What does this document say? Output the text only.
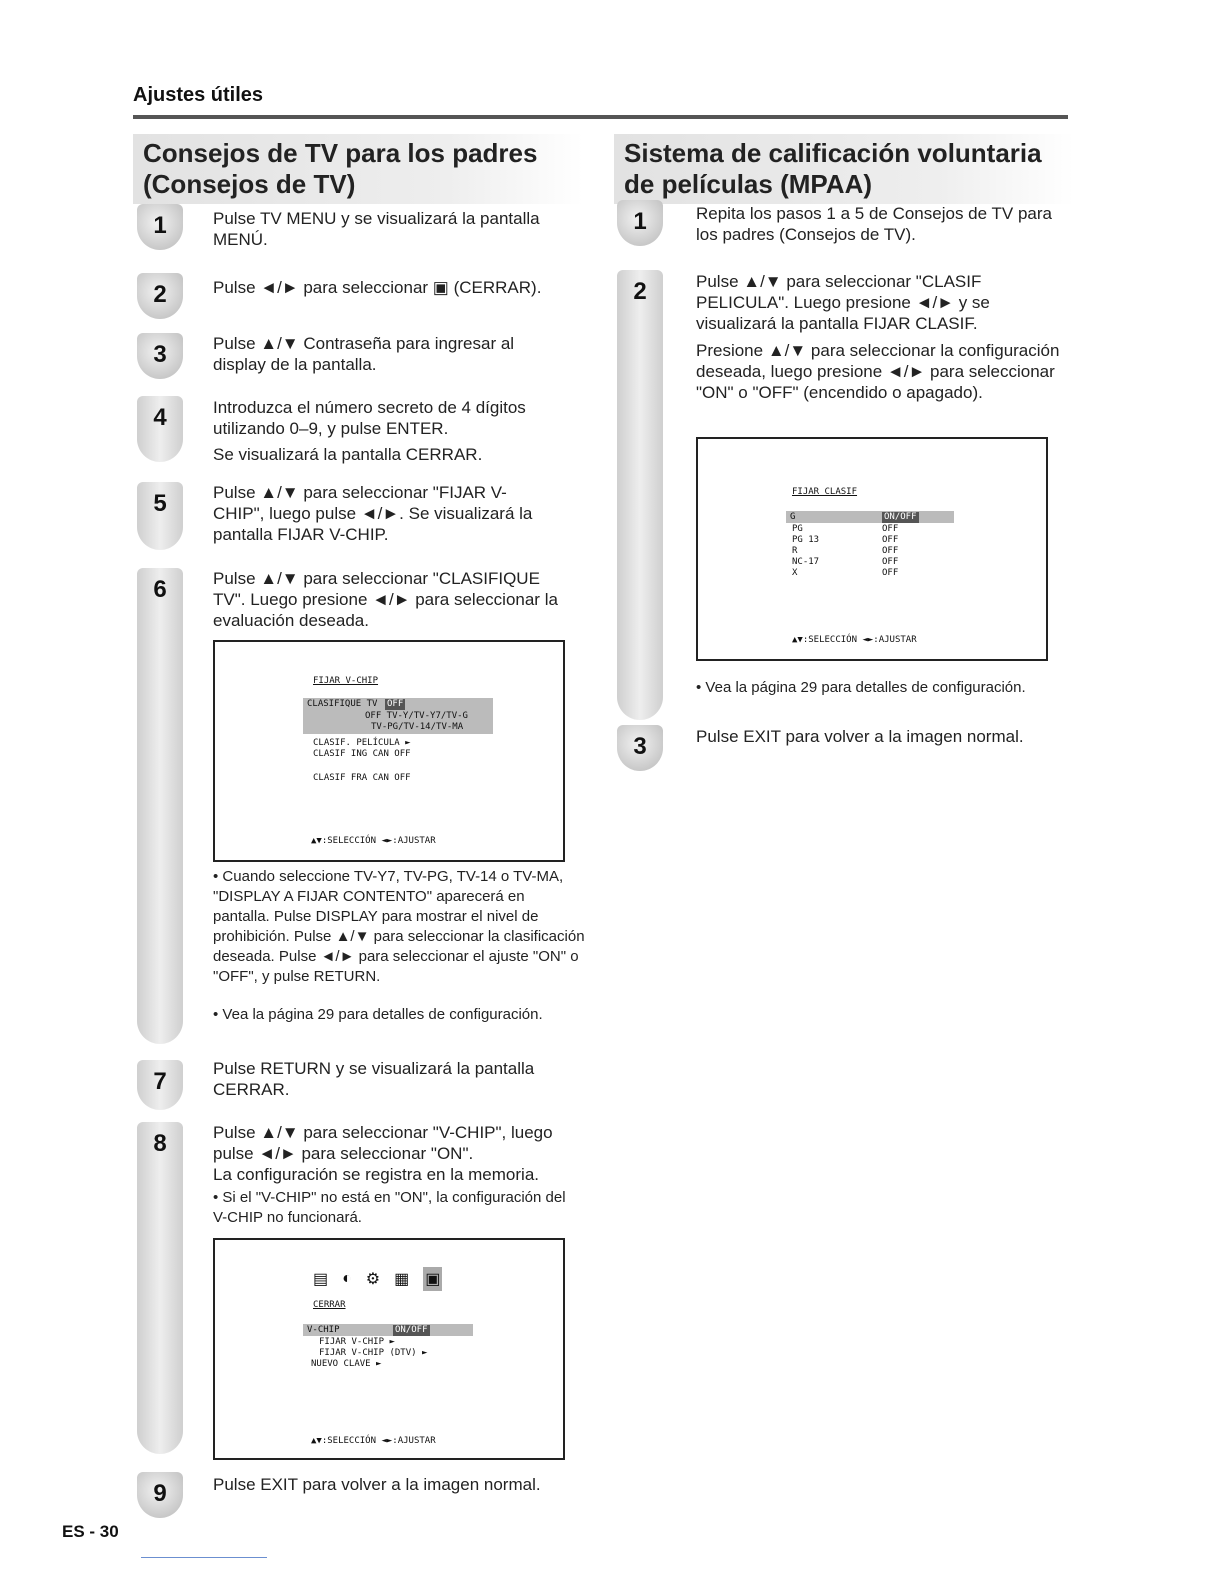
Ajustes útiles
Consejos de TV para los padres
(Consejos de TV)
1	Pulse TV MENU y se visualizará la pantalla MENÚ.
2	Pulse ◄/► para seleccionar ▣ (CERRAR).
3	Pulse ▲/▼ Contraseña para ingresar al display de la pantalla.
4	Introduzca el número secreto de 4 dígitos utilizando 0–9, y pulse ENTER.
Se visualizará la pantalla CERRAR.
5	Pulse ▲/▼ para seleccionar "FIJAR V-CHIP", luego pulse ◄/►. Se visualizará la pantalla FIJAR V-CHIP.
6	Pulse ▲/▼ para seleccionar "CLASIFIQUE TV". Luego presione ◄/► para seleccionar la evaluación deseada.
FIJAR V-CHIP
CLASIFIQUE TV OFF
OFF TV-Y/TV-Y7/TV-G
TV-PG/TV-14/TV-MA
CLASIF. PELÍCULA ►
CLASIF ING CAN OFF
CLASIF FRA CAN OFF
▲▼:SELECCIÓN ◄►:AJUSTAR
• Cuando seleccione TV-Y7, TV-PG, TV-14 o TV-MA, "DISPLAY A FIJAR CONTENTO" aparecerá en pantalla. Pulse DISPLAY para mostrar el nivel de prohibición. Pulse ▲/▼ para seleccionar la clasificación deseada. Pulse ◄/► para seleccionar el ajuste "ON" o "OFF", y pulse RETURN.
• Vea la página 29 para detalles de configuración.
7	Pulse RETURN y se visualizará la pantalla CERRAR.
8	Pulse ▲/▼ para seleccionar "V-CHIP", luego pulse ◄/► para seleccionar "ON".
La configuración se registra en la memoria.
• Si el "V-CHIP" no está en "ON", la configuración del V-CHIP no funcionará.
▤ ◐ ⚙ ▦ ▣
CERRAR
V-CHIP	ON/OFF
FIJAR V-CHIP ►
FIJAR V-CHIP (DTV) ►
NUEVO CLAVE ►
▲▼:SELECCIÓN ◄►:AJUSTAR
9	Pulse EXIT para volver a la imagen normal.
Sistema de calificación voluntaria
de películas (MPAA)
1	Repita los pasos 1 a 5 de Consejos de TV para los padres (Consejos de TV).
2	Pulse ▲/▼ para seleccionar "CLASIF PELICULA". Luego presione ◄/► y se visualizará la pantalla FIJAR CLASIF.
Presione ▲/▼ para seleccionar la configuración deseada, luego presione ◄/► para seleccionar "ON" o "OFF" (encendido o apagado).
FIJAR CLASIF
G	ON/OFF
PG	OFF
PG 13	OFF
R	OFF
NC-17	OFF
X	OFF
▲▼:SELECCIÓN ◄►:AJUSTAR
• Vea la página 29 para detalles de configuración.
3	Pulse EXIT para volver a la imagen normal.
ES - 30
